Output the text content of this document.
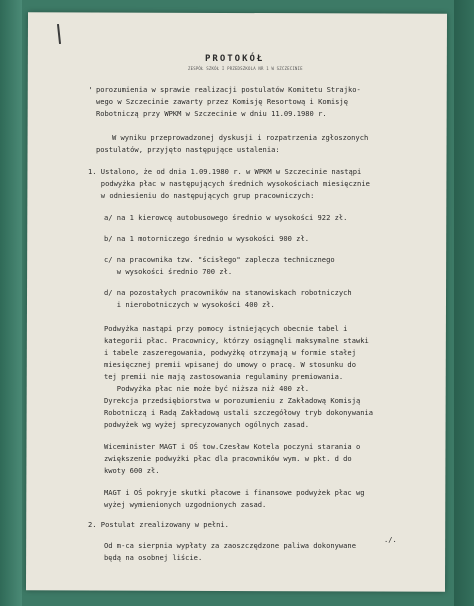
PROTOKÓŁ
ZESPÓŁ SZKÓŁ I PRZEDSZKOLA NR 1 W SZCZECINIE
' porozumienia w sprawie realizacji postulatów Komitetu Strajko-
wego w Szczecinie zawarty przez Komisję Resortową i Komisję
Robotniczą przy WPKM w Szczecinie w dniu 11.09.1980 r.
W wyniku przeprowadzonej dyskusji i rozpatrzenia zgłoszonych
postulatów, przyjęto następujące ustalenia:
1. Ustalono, że od dnia 1.09.1980 r. w WPKM w Szczecinie nastąpi
podwyżka płac w następujących średnich wysokościach miesięcznie
w odniesieniu do następujących grup pracowniczych:
a/ na 1 kierowcę autobusowego średnio w wysokości 922 zł.
b/ na 1 motorniczego średnio w wysokości 900 zł.
c/ na pracownika tzw. "ścisłego" zaplecza technicznego
w wysokości średnio 700 zł.
d/ na pozostałych pracowników na stanowiskach robotniczych
i nierobotniczych w wysokości 400 zł.
Podwyżka nastąpi przy pomocy istniejących obecnie tabel i
kategorii płac. Pracownicy, którzy osiągnęli maksymalne stawki
i tabele zaszeregowania, podwyżkę otrzymają w formie stałej
miesięcznej premii wpisanej do umowy o pracę. W stosunku do
tej premii nie mają zastosowania regulaminy premiowania.
Podwyżka płac nie może być niższa niż 400 zł.
Dyrekcja przedsiębiorstwa w porozumieniu z Zakładową Komisją
Robotniczą i Radą Zakładową ustali szczegółowy tryb dokonywania
podwyżek wg wyżej sprecyzowanych ogólnych zasad.
Wiceminister MAGT i OŚ tow.Czesław Kotela poczyni starania o
zwiększenie podwyżki płac dla pracowników wym. w pkt. d do
kwoty 600 zł.
MAGT i OŚ pokryje skutki płacowe i finansowe podwyżek płac wg
wyżej wymienionych uzgodnionych zasad.
2. Postulat zrealizowany w pełni.
Od m-ca sierpnia wypłaty za zaoszczędzone paliwa dokonywane
będą na osobnej liście.
./.
